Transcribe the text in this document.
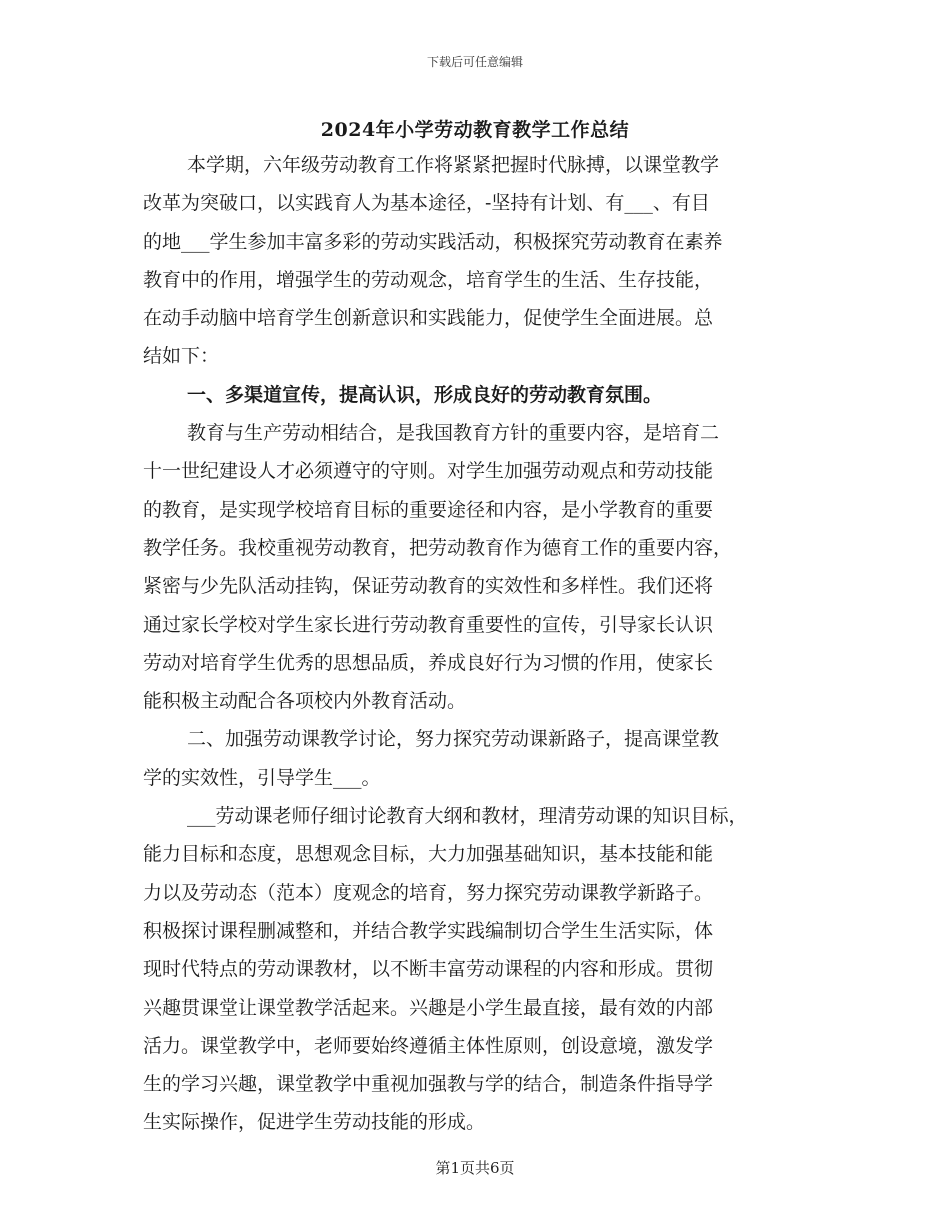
下载后可任意编辑
2024年小学劳动教育教学工作总结
本学期，六年级劳动教育工作将紧紧把握时代脉搏，以课堂教学
改革为突破口，以实践育人为基本途径，-坚持有计划、有___、有目
的地___学生参加丰富多彩的劳动实践活动，积极探究劳动教育在素养
教育中的作用，增强学生的劳动观念，培育学生的生活、生存技能，
在动手动脑中培育学生创新意识和实践能力，促使学生全面进展。总
结如下：
一、多渠道宣传，提高认识，形成良好的劳动教育氛围。
教育与生产劳动相结合，是我国教育方针的重要内容，是培育二
十一世纪建设人才必须遵守的守则。对学生加强劳动观点和劳动技能
的教育，是实现学校培育目标的重要途径和内容，是小学教育的重要
教学任务。我校重视劳动教育，把劳动教育作为德育工作的重要内容，
紧密与少先队活动挂钩，保证劳动教育的实效性和多样性。我们还将
通过家长学校对学生家长进行劳动教育重要性的宣传，引导家长认识
劳动对培育学生优秀的思想品质，养成良好行为习惯的作用，使家长
能积极主动配合各项校内外教育活动。
二、加强劳动课教学讨论，努力探究劳动课新路子，提高课堂教
学的实效性，引导学生___。
___劳动课老师仔细讨论教育大纲和教材，理清劳动课的知识目标，
能力目标和态度，思想观念目标，大力加强基础知识，基本技能和能
力以及劳动态（范本）度观念的培育，努力探究劳动课教学新路子。
积极探讨课程删减整和，并结合教学实践编制切合学生生活实际，体
现时代特点的劳动课教材，以不断丰富劳动课程的内容和形成。贯彻
兴趣贯课堂让课堂教学活起来。兴趣是小学生最直接，最有效的内部
活力。课堂教学中，老师要始终遵循主体性原则，创设意境，激发学
生的学习兴趣，课堂教学中重视加强教与学的结合，制造条件指导学
生实际操作，促进学生劳动技能的形成。
第1页共6页
